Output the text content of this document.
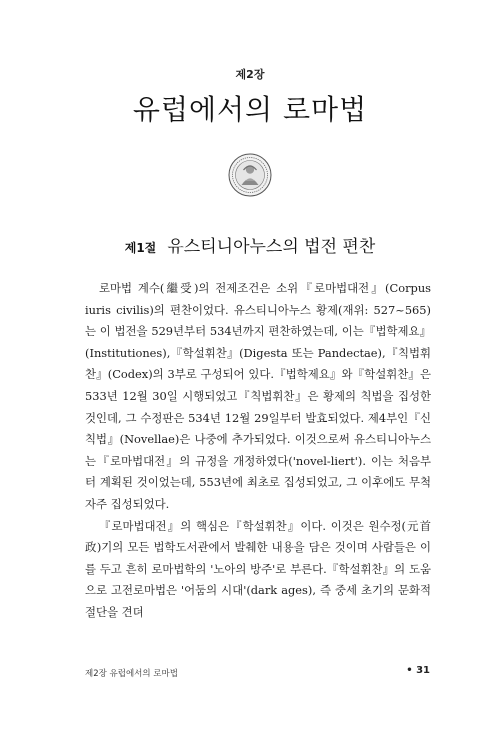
제2장
유럽에서의 로마법
제1절 유스티니아누스의 법전 편찬

로마법 계수(繼受)의 전제조건은 소위『로마법대전』(Corpus iuris civilis)의 편찬이었다. 유스티니아누스 황제(재위: 527~565)는 이 법전을 529년부터 534년까지 편찬하였는데, 이는『법학제요』(Institutiones),『학설휘찬』(Digesta 또는 Pandectae),『칙법휘찬』(Codex)의 3부로 구성되어 있다.『법학제요』와『학설휘찬』은 533년 12월 30일 시행되었고『칙법휘찬』은 황제의 칙법을 집성한 것인데, 그 수정판은 534년 12월 29일부터 발효되었다. 제4부인『신칙법』(Novellae)은 나중에 추가되었다. 이것으로써 유스티니아누스는『로마법대전』의 규정을 개정하였다('novel-liert'). 이는 처음부터 계획된 것이었는데, 553년에 최초로 집성되었고, 그 이후에도 무척 자주 집성되었다.

『로마법대전』의 핵심은『학설휘찬』이다. 이것은 원수정(元首政)기의 모든 법학도서관에서 발췌한 내용을 담은 것이며 사람들은 이를 두고 흔히 로마법학의 '노아의 방주'로 부른다.『학설휘찬』의 도움으로 고전로마법은 '어둠의 시대'(dark ages), 즉 중세 초기의 문화적 절단을 견뎌

제2장 유럽에서의 로마법	• 31
